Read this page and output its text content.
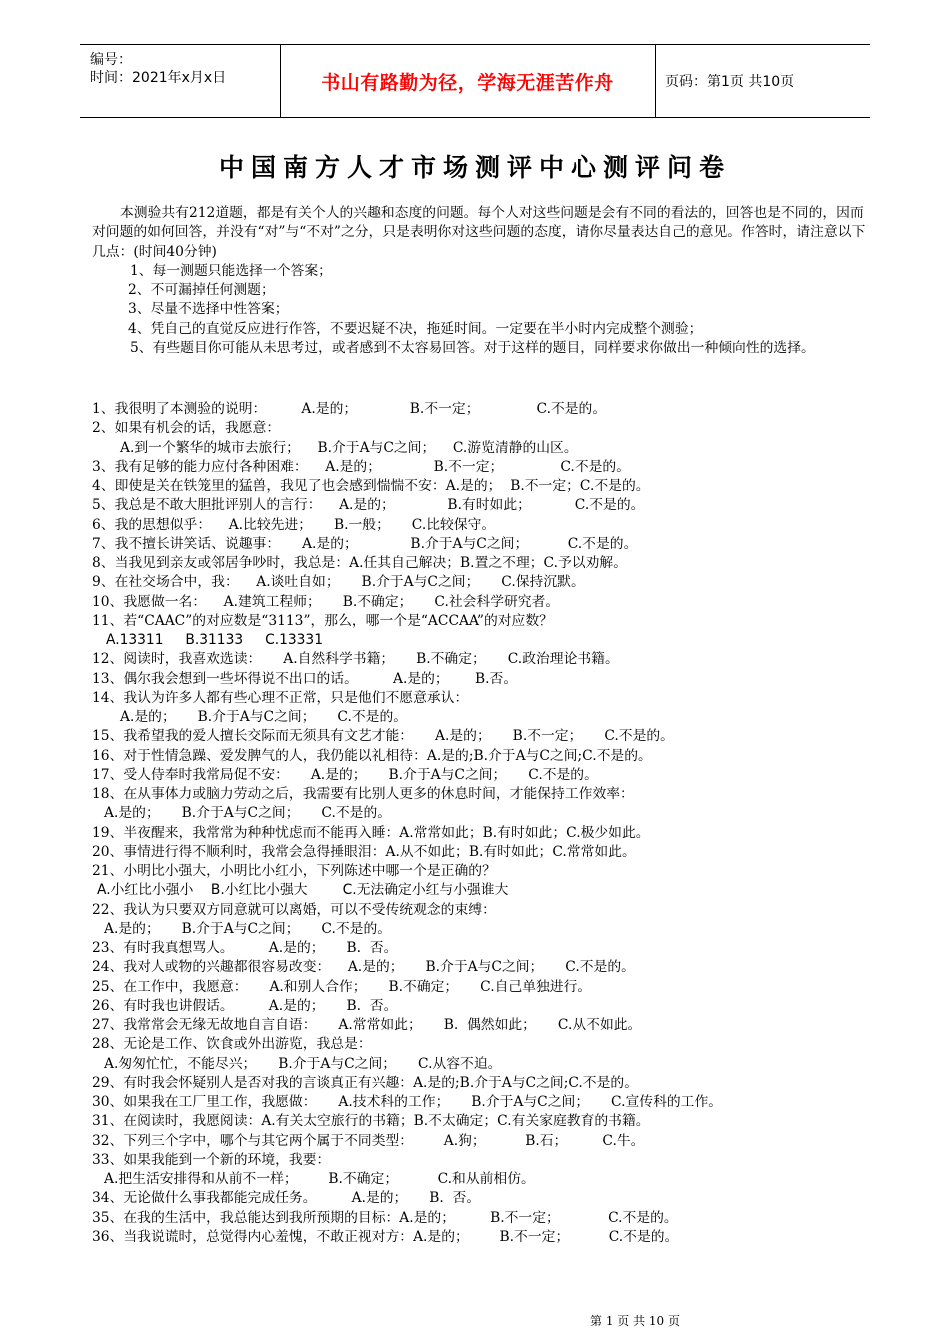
编号：
时间：2021年x月x日	书山有路勤为径，学海无涯苦作舟	页码：第1页 共10页
中国南方人才市场测评中心测评问卷

本测验共有212道题，都是有关个人的兴趣和态度的问题。每个人对这些问题是会有不同的看法的，回答也是不同的，因而对问题的如何回答，并没有“对”与“不对”之分，只是表明你对这些问题的态度，请你尽量表达自己的意见。作答时，请注意以下几点：(时间40分钟)

1、每一测题只能选择一个答案；

2、不可漏掉任何测题；

3、尽量不选择中性答案；

4、凭自己的直觉反应进行作答，不要迟疑不决，拖延时间。一定要在半小时内完成整个测验；

5、有些题目你可能从未思考过，或者感到不太容易回答。对于这样的题目，同样要求你做出一种倾向性的选择。

1、我很明了本测验的说明：        A.是的；            B.不一定；             C.不是的。

2、如果有机会的话，我愿意：

A.到一个繁华的城市去旅行；    B.介于A与C之间；    C.游览清静的山区。

3、我有足够的能力应付各种困难：    A.是的；            B.不一定；             C.不是的。

4、即使是关在铁笼里的猛兽，我见了也会感到惴惴不安：A.是的；  B.不一定；C.不是的。

5、我总是不敢大胆批评别人的言行：    A.是的；            B.有时如此；          C.不是的。

6、我的思想似乎：    A.比较先进；     B.一般；     C.比较保守。

7、我不擅长讲笑话、说趣事：     A.是的；            B.介于A与C之间；         C.不是的。

8、当我见到亲友或邻居争吵时，我总是：A.任其自己解决；B.置之不理；C.予以劝解。

9、在社交场合中，我：    A.谈吐自如；     B.介于A与C之间；     C.保持沉默。

10、我愿做一名：    A.建筑工程师；     B.不确定；     C.社会科学研究者。

11、若“CAAC”的对应数是“3113”，那么，哪一个是“ACCAA”的对应数？

A.13311     B.31133     C.13331

12、阅读时，我喜欢选读：     A.自然科学书籍；     B.不确定；     C.政治理论书籍。

13、偶尔我会想到一些坏得说不出口的话。        A.是的；      B.否。

14、我认为许多人都有些心理不正常，只是他们不愿意承认：

A.是的；     B.介于A与C之间；     C.不是的。

15、我希望我的爱人擅长交际而无须具有文艺才能：     A.是的；     B.不一定；     C.不是的。

16、对于性情急躁、爱发脾气的人，我仍能以礼相待：A.是的;B.介于A与C之间;C.不是的。

17、受人侍奉时我常局促不安：     A.是的；     B.介于A与C之间；     C.不是的。

18、在从事体力或脑力劳动之后，我需要有比别人更多的休息时间，才能保持工作效率：

A.是的；     B.介于A与C之间；     C.不是的。

19、半夜醒来，我常常为种种忧虑而不能再入睡：A.常常如此；B.有时如此；C.极少如此。

20、事情进行得不顺利时，我常会急得捶眼泪：A.从不如此；B.有时如此；C.常常如此。

21、小明比小强大，小明比小红小，下列陈述中哪一个是正确的？

A.小红比小强小    B.小红比小强大        C.无法确定小红与小强谁大

22、我认为只要双方同意就可以离婚，可以不受传统观念的束缚：

A.是的；     B.介于A与C之间；     C.不是的。

23、有时我真想骂人。        A.是的；     B.  否。

24、我对人或物的兴趣都很容易改变：    A.是的；     B.介于A与C之间；     C.不是的。

25、在工作中，我愿意：     A.和别人合作；     B.不确定；     C.自己单独进行。

26、有时我也讲假话。        A.是的；     B.  否。

27、我常常会无缘无故地自言自语：     A.常常如此；     B.  偶然如此；     C.从不如此。

28、无论是工作、饮食或外出游览，我总是：

A.匆匆忙忙，不能尽兴；     B.介于A与C之间；     C.从容不迫。

29、有时我会怀疑别人是否对我的言谈真正有兴趣：A.是的;B.介于A与C之间;C.不是的。

30、如果我在工厂里工作，我愿做：     A.技术科的工作；     B.介于A与C之间；     C.宣传科的工作。

31、在阅读时，我愿阅读：A.有关太空旅行的书籍；B.不太确定；C.有关家庭教育的书籍。

32、下列三个字中，哪个与其它两个属于不同类型：       A.狗；         B.石；        C.牛。

33、如果我能到一个新的环境，我要：

A.把生活安排得和从前不一样；       B.不确定；         C.和从前相仿。

34、无论做什么事我都能完成任务。        A.是的；     B.  否。

35、在我的生活中，我总能达到我所预期的目标：A.是的；        B.不一定；           C.不是的。

36、当我说谎时，总觉得内心羞愧，不敢正视对方：A.是的；       B.不一定；         C.不是的。

第 1 页 共 10 页
